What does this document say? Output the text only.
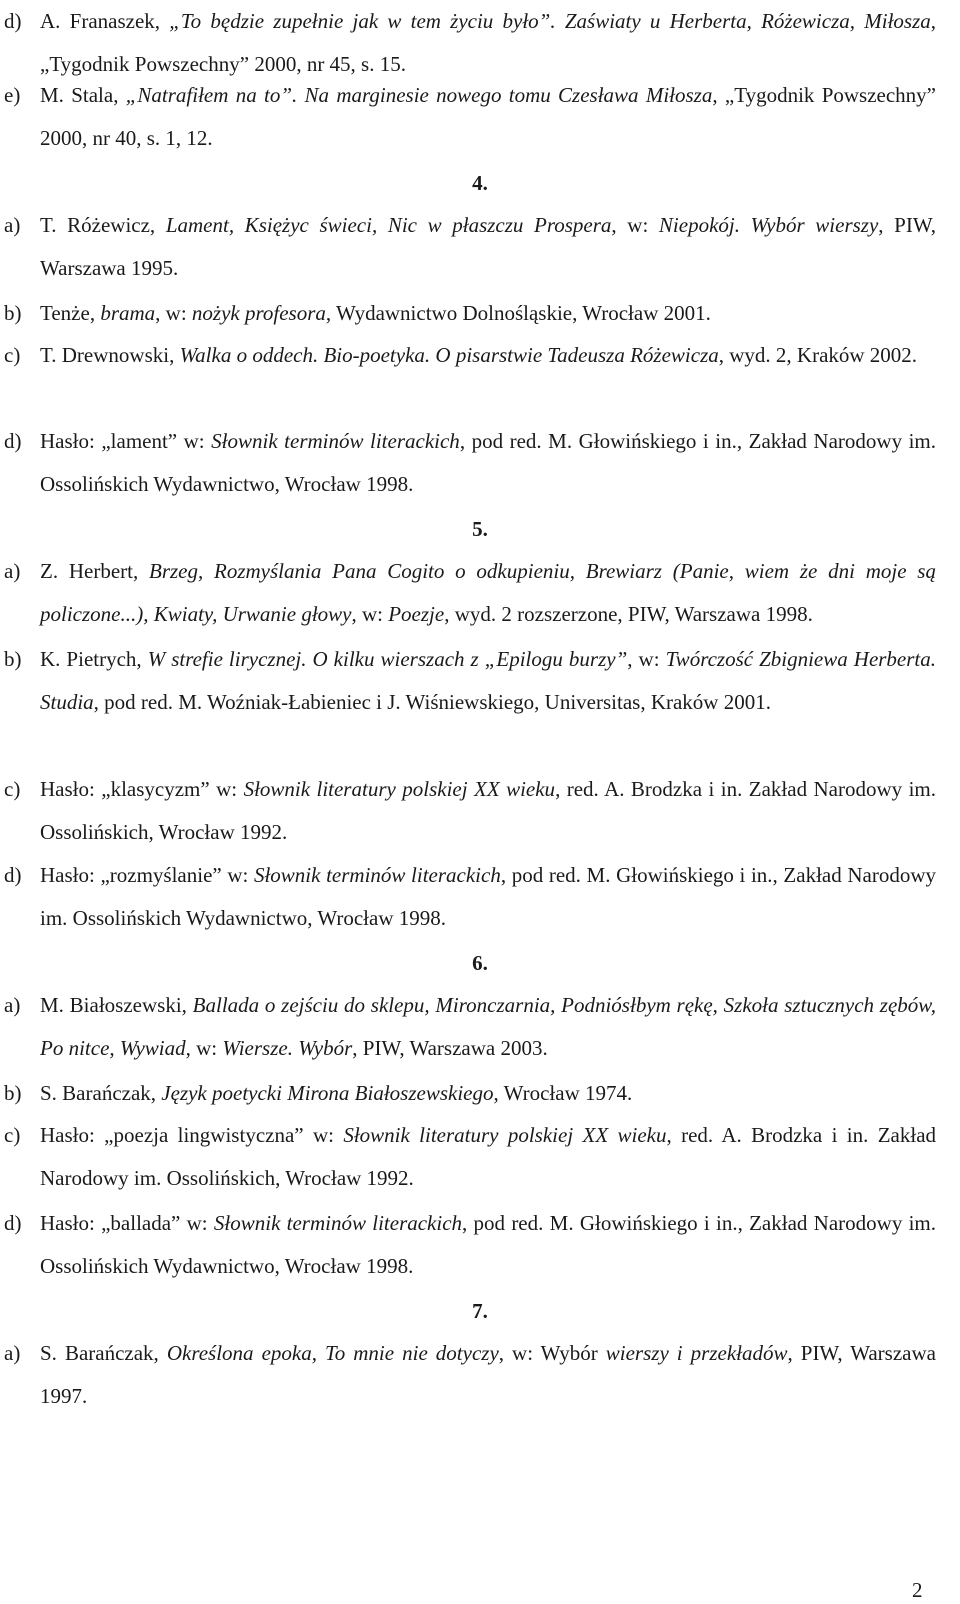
d) A. Franaszek, „To będzie zupełnie jak w tem życiu było”. Zaświaty u Herberta, Różewicza, Miłosza, „Tygodnik Powszechny” 2000, nr 45, s. 15.
e) M. Stala, „Natrafiłem na to”. Na marginesie nowego tomu Czesława Miłosza, „Tygodnik Powszechny” 2000, nr 40, s. 1, 12.
4.
a) T. Różewicz, Lament, Księżyc świeci, Nic w płaszczu Prospera, w: Niepokój. Wybór wierszy, PIW, Warszawa 1995.
b) Tenże, brama, w: nożyk profesora, Wydawnictwo Dolnośląskie, Wrocław 2001.
c) T. Drewnowski, Walka o oddech. Bio-poetyka. O pisarstwie Tadeusza Różewicza, wyd. 2, Kraków 2002.
d) Hasło: „lament” w: Słownik terminów literackich, pod red. M. Głowińskiego i in., Zakład Narodowy im. Ossolińskich Wydawnictwo, Wrocław 1998.
5.
a) Z. Herbert, Brzeg, Rozmyślania Pana Cogito o odkupieniu, Brewiarz (Panie, wiem że dni moje są policzone...), Kwiaty, Urwanie głowy, w: Poezje, wyd. 2 rozszerzone, PIW, Warszawa 1998.
b) K. Pietrych, W strefie lirycznej. O kilku wierszach z „Epilogu burzy”, w: Twórczość Zbigniewa Herberta. Studia, pod red. M. Woźniak-Łabieniec i J. Wiśniewskiego, Universitas, Kraków 2001.
c) Hasło: „klasycyzm” w: Słownik literatury polskiej XX wieku, red. A. Brodzka i in. Zakład Narodowy im. Ossolińskich, Wrocław 1992.
d) Hasło: „rozmyślanie” w: Słownik terminów literackich, pod red. M. Głowińskiego i in., Zakład Narodowy im. Ossolińskich Wydawnictwo, Wrocław 1998.
6.
a) M. Białoszewski, Ballada o zejściu do sklepu, Mironczarnia, Podniósłbym rękę, Szkoła sztucznych zębów, Po nitce, Wywiad, w: Wiersze. Wybór, PIW, Warszawa 2003.
b) S. Barańczak, Język poetycki Mirona Białoszewskiego, Wrocław 1974.
c) Hasło: „poezja lingwistyczna” w: Słownik literatury polskiej XX wieku, red. A. Brodzka i in. Zakład Narodowy im. Ossolińskich, Wrocław 1992.
d) Hasło: „ballada” w: Słownik terminów literackich, pod red. M. Głowińskiego i in., Zakład Narodowy im. Ossolińskich Wydawnictwo, Wrocław 1998.
7.
a) S. Barańczak, Określona epoka, To mnie nie dotyczy, w: Wybór wierszy i przekładów, PIW, Warszawa 1997.
2
